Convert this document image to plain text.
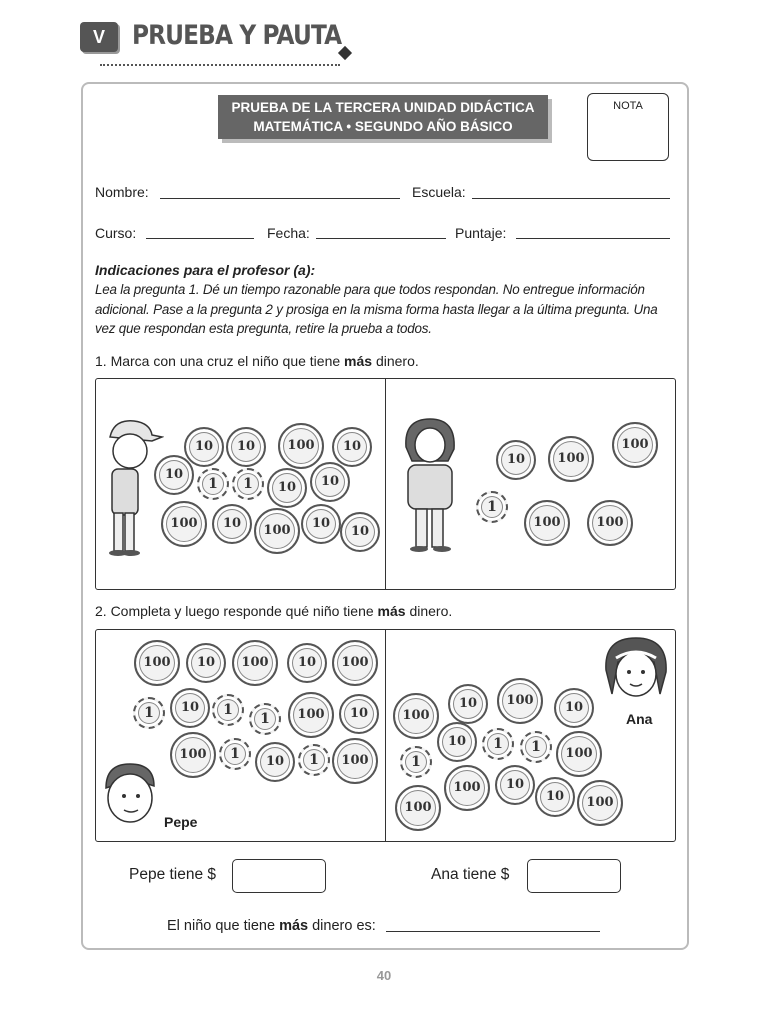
V	PRUEBA Y PAUTA
PRUEBA DE LA TERCERA UNIDAD DIDÁCTICA
MATEMÁTICA • SEGUNDO AÑO BÁSICO
NOTA
Nombre:	Escuela:
Curso:	Fecha:	Puntaje:
Indicaciones para el profesor (a):
Lea la pregunta 1. Dé un tiempo razonable para que todos respondan. No entregue información adicional. Pase a la pregunta 2 y prosiga en la misma forma hasta llegar a la última pregunta. Una vez que respondan esta pregunta, retire la prueba a todos.
1. Marca con una cruz el niño que tiene más dinero.
10	10	100	10
10
1	1	10	10
100	10	100	10
10
10	100
100
1
100	100
2. Completa y luego responde qué niño tiene más dinero.
100	10	100	10	100
1	10	1
1	100	10
100	1	10	1	100
Pepe
100
10	100	10
10	1	1	100
1
100	10
100
10	100
Ana
Pepe tiene $	Ana tiene $
El niño que tiene más dinero es:
40
